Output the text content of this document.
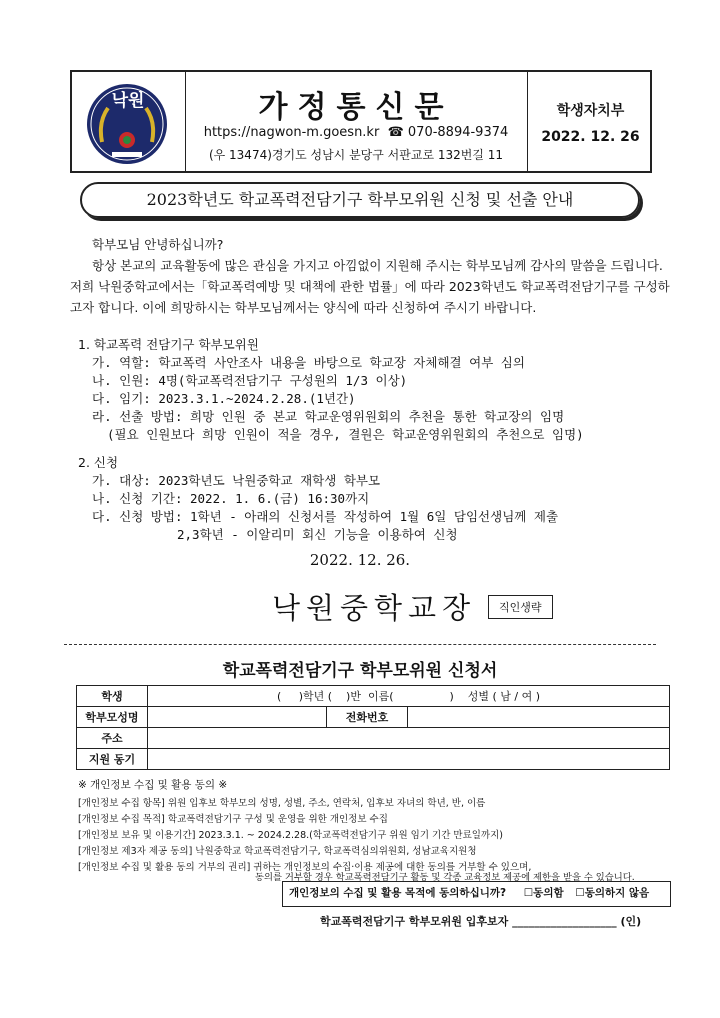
낙원	가정통신문
https://nagwon-m.goesn.kr ☎ 070-8894-9374
(우 13474)경기도 성남시 분당구 서판교로 132번길 11
학생자치부
2022. 12. 26
2023학년도 학교폭력전담기구 학부모위원 신청 및 선출 안내

학부모님 안녕하십니까?

항상 본교의 교육활동에 많은 관심을 가지고 아낌없이 지원해 주시는 학부모님께 감사의 말씀을 드립니다.

저희 낙원중학교에서는「학교폭력예방 및 대책에 관한 법률」에 따라 2023학년도 학교폭력전담기구를 구성하

고자 합니다. 이에 희망하시는 학부모님께서는 양식에 따라 신청하여 주시기 바랍니다.

1. 학교폭력 전담기구 학부모위원

가. 역할: 학교폭력 사안조사 내용을 바탕으로 학교장 자체해결 여부 심의

나. 인원: 4명(학교폭력전담기구 구성원의 1/3 이상)

다. 임기: 2023.3.1.~2024.2.28.(1년간)

라. 선출 방법: 희망 인원 중 본교 학교운영위원회의 추천을 통한 학교장의 임명

(필요 인원보다 희망 인원이 적을 경우, 결원은 학교운영위원회의 추천으로 임명)

2. 신청

가. 대상: 2023학년도 낙원중학교 재학생 학부모

나. 신청 기간: 2022. 1. 6.(금) 16:30까지

다. 신청 방법: 1학년 - 아래의 신청서를 작성하여 1월 6일 담임선생님께 제출

2,3학년 - 이알리미 회신 기능을 이용하여 신청

2022. 12. 26.
낙원중학교장	직인생략
학교폭력전담기구 학부모위원 신청서
학생	(     )학년 (    )반  이름(                )    성별 ( 남 / 여 )		
학부모성명		전화번호	
주소			
지원 동기			

※ 개인정보 수집 및 활용 동의 ※

[개인정보 수집 항목] 위원 입후보 학부모의 성명, 성별, 주소, 연락처, 입후보 자녀의 학년, 반, 이름

[개인정보 수집 목적] 학교폭력전담기구 구성 및 운영을 위한 개인정보 수집

[개인정보 보유 및 이용기간] 2023.3.1. ~ 2024.2.28.(학교폭력전담기구 위원 임기 기간 만료일까지)

[개인정보 제3자 제공 동의] 낙원중학교 학교폭력전담기구, 학교폭력심의위원회, 성남교육지원청

[개인정보 수집 및 활용 동의 거부의 권리] 귀하는 개인정보의 수집·이용 제공에 대한 동의를 거부할 수 있으며,

동의를 거부할 경우 학교폭력전담기구 활동 및 각종 교육정보 제공에 제한을 받을 수 있습니다.

개인정보의 수집 및 활용 목적에 동의하십니까? ☐동의함 ☐동의하지 않음
학교폭력전담기구 학부모위원 입후보자 ___________________ (인)
